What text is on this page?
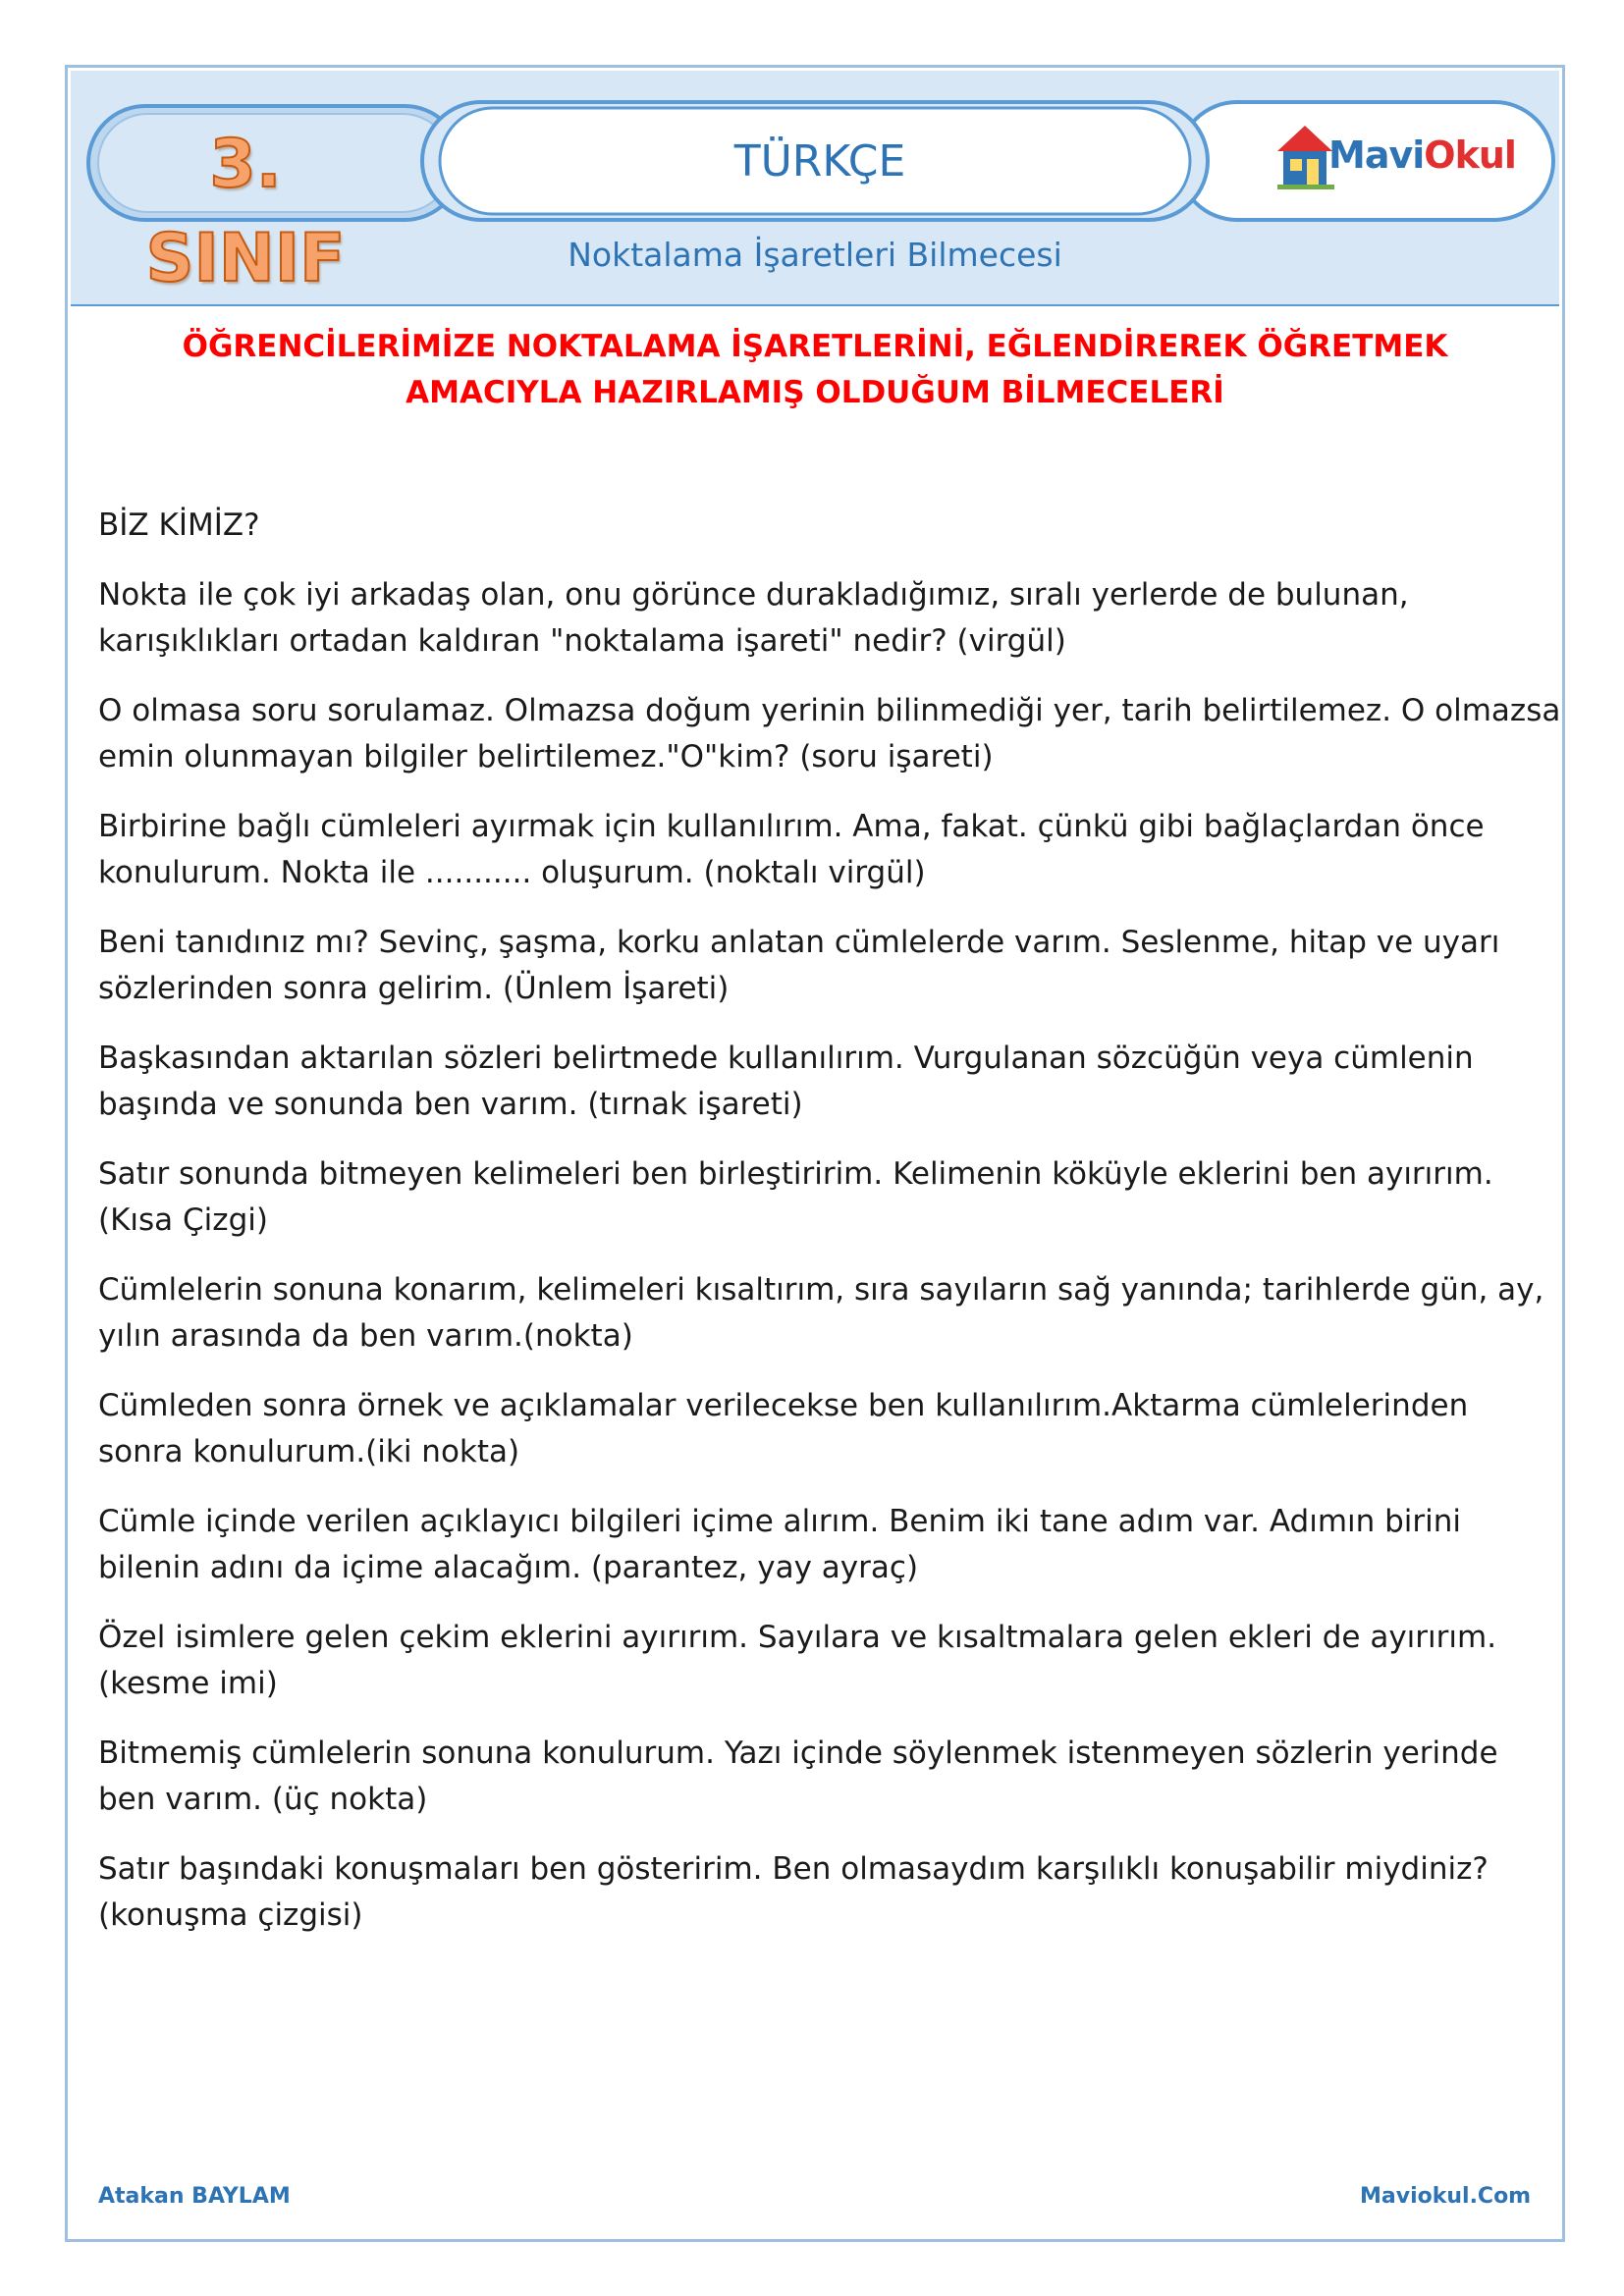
3. SINIF
TÜRKÇE	MaviOkul
Noktalama İşaretleri Bilmecesi
ÖĞRENCİLERİMİZE NOKTALAMA İŞARETLERİNİ, EĞLENDİREREK ÖĞRETMEK AMACIYLA HAZIRLAMIŞ OLDUĞUM BİLMECELERİ
BİZ KİMİZ?

Nokta ile çok iyi arkadaş olan, onu görünce durakladığımız, sıralı yerlerde de bulunan, karışıklıkları ortadan kaldıran "noktalama işareti" nedir? (virgül)

O olmasa soru sorulamaz. Olmazsa doğum yerinin bilinmediği yer, tarih belirtilemez. O olmazsa emin olunmayan bilgiler belirtilemez."O"kim? (soru işareti)

Birbirine bağlı cümleleri ayırmak için kullanılırım. Ama, fakat. çünkü gibi bağlaçlardan önce konulurum. Nokta ile ........... oluşurum. (noktalı virgül)

Beni tanıdınız mı? Sevinç, şaşma, korku anlatan cümlelerde varım. Seslenme, hitap ve uyarı sözlerinden sonra gelirim. (Ünlem İşareti)

Başkasından aktarılan sözleri belirtmede kullanılırım. Vurgulanan sözcüğün veya cümlenin başında ve sonunda ben varım. (tırnak işareti)

Satır sonunda bitmeyen kelimeleri ben birleştiririm. Kelimenin köküyle eklerini ben ayırırım. (Kısa Çizgi)

Cümlelerin sonuna konarım, kelimeleri kısaltırım, sıra sayıların sağ yanında; tarihlerde gün, ay, yılın arasında da ben varım.(nokta)

Cümleden sonra örnek ve açıklamalar verilecekse ben kullanılırım.Aktarma cümlelerinden sonra konulurum.(iki nokta)

Cümle içinde verilen açıklayıcı bilgileri içime alırım. Benim iki tane adım var. Adımın birini bilenin adını da içime alacağım. (parantez, yay ayraç)

Özel isimlere gelen çekim eklerini ayırırım. Sayılara ve kısaltmalara gelen ekleri de ayırırım.(kesme imi)

Bitmemiş cümlelerin sonuna konulurum. Yazı içinde söylenmek istenmeyen sözlerin yerinde ben varım. (üç nokta)

Satır başındaki konuşmaları ben gösteririm. Ben olmasaydım karşılıklı konuşabilir miydiniz? (konuşma çizgisi)

Atakan BAYLAM	Maviokul.Com
